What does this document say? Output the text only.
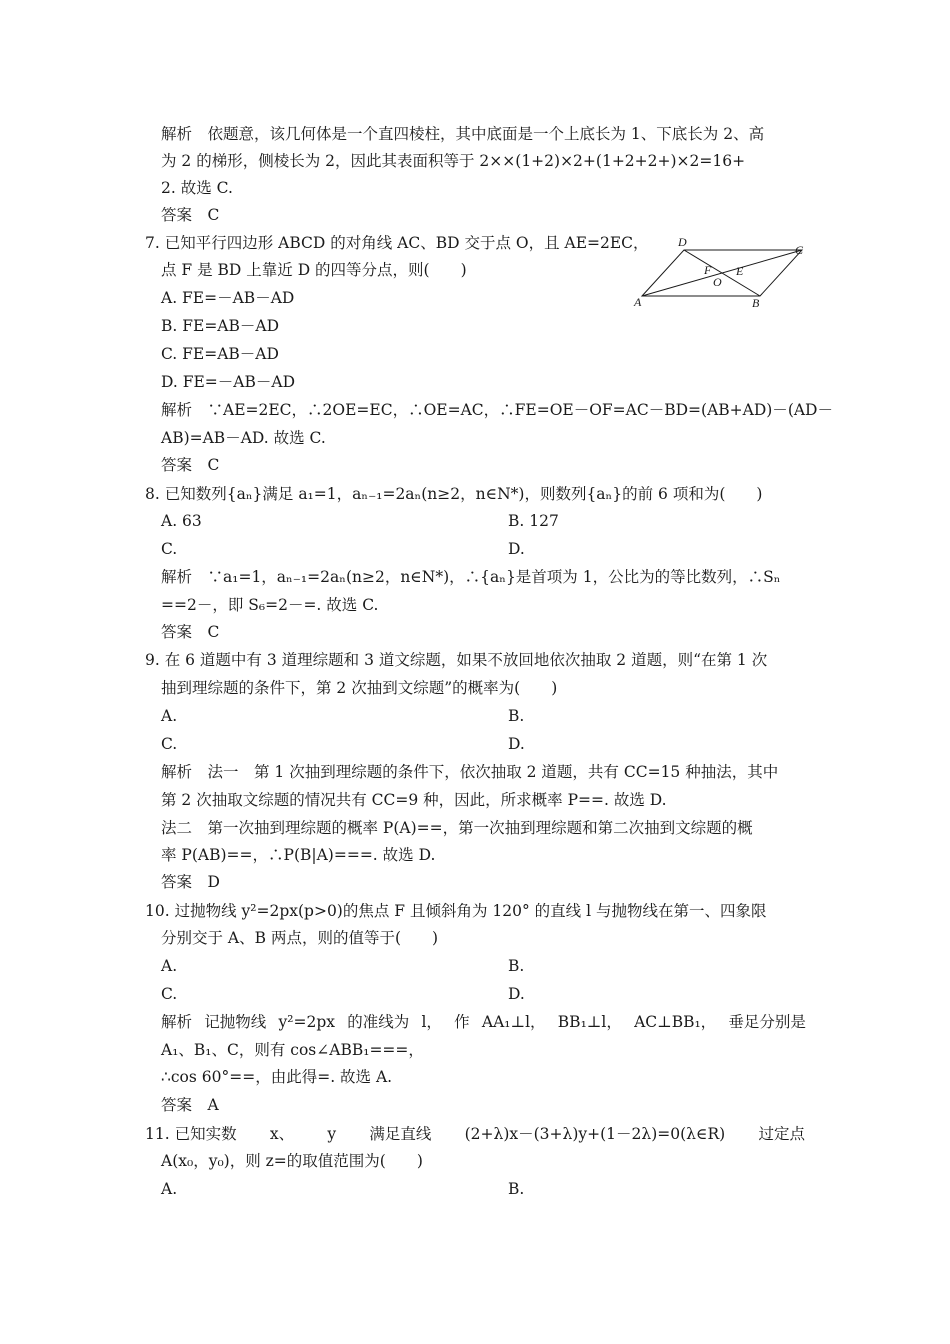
解析　依题意，该几何体是一个直四棱柱，其中底面是一个上底长为 1、下底长为 2、高
为 2 的梯形，侧棱长为 2，因此其表面积等于 2××(1+2)×2+(1+2+2+)×2=16+
2. 故选 C.
答案　C
7. 已知平行四边形 ABCD 的对角线 AC、BD 交于点 O，且 AE=2EC，
点 F 是 BD 上靠近 D 的四等分点，则(　　)
A. FE=－AB－AD
B. FE=AB－AD
C. FE=AB－AD
D. FE=－AB－AD
解析　∵AE=2EC，∴2OE=EC，∴OE=AC，∴FE=OE－OF=AC－BD=(AB+AD)－(AD－
AB)=AB－AD. 故选 C.
答案　C
D
C
F E
O
A	B
8. 已知数列{aₙ}满足 a₁=1，aₙ₋₁=2aₙ(n≥2，n∈N*)，则数列{aₙ}的前 6 项和为(　　)
A. 63	B. 127
C.	D.
解析　∵a₁=1，aₙ₋₁=2aₙ(n≥2，n∈N*)，∴{aₙ}是首项为 1，公比为的等比数列，∴Sₙ
==2－，即 S₆=2－=. 故选 C.
答案　C
9. 在 6 道题中有 3 道理综题和 3 道文综题，如果不放回地依次抽取 2 道题，则“在第 1 次
抽到理综题的条件下，第 2 次抽到文综题”的概率为(　　)
A.	B.
C.	D.
解析　法一　第 1 次抽到理综题的条件下，依次抽取 2 道题，共有 CC=15 种抽法，其中
第 2 次抽取文综题的情况共有 CC=9 种，因此，所求概率 P==. 故选 D.
法二　第一次抽到理综题的概率 P(A)==，第一次抽到理综题和第二次抽到文综题的概
率 P(AB)==，∴P(B|A)===. 故选 D.
答案　D
10. 过抛物线 y²=2px(p>0)的焦点 F 且倾斜角为 120° 的直线 l 与抛物线在第一、四象限
分别交于 A、B 两点，则的值等于(　　)
A.	B.
C.	D.
解析 记抛物线 y²=2px 的准线为 l， 作 AA₁⊥l， BB₁⊥l， AC⊥BB₁， 垂足分别是
A₁、B₁、C，则有 cos∠ABB₁===，
∴cos 60°==，由此得=. 故选 A.
答案　A
11. 已知实数 x、 y 满足直线 (2+λ)x－(3+λ)y+(1－2λ)=0(λ∈R) 过定点
A(x₀，y₀)，则 z=的取值范围为(　　)
A.	B.
